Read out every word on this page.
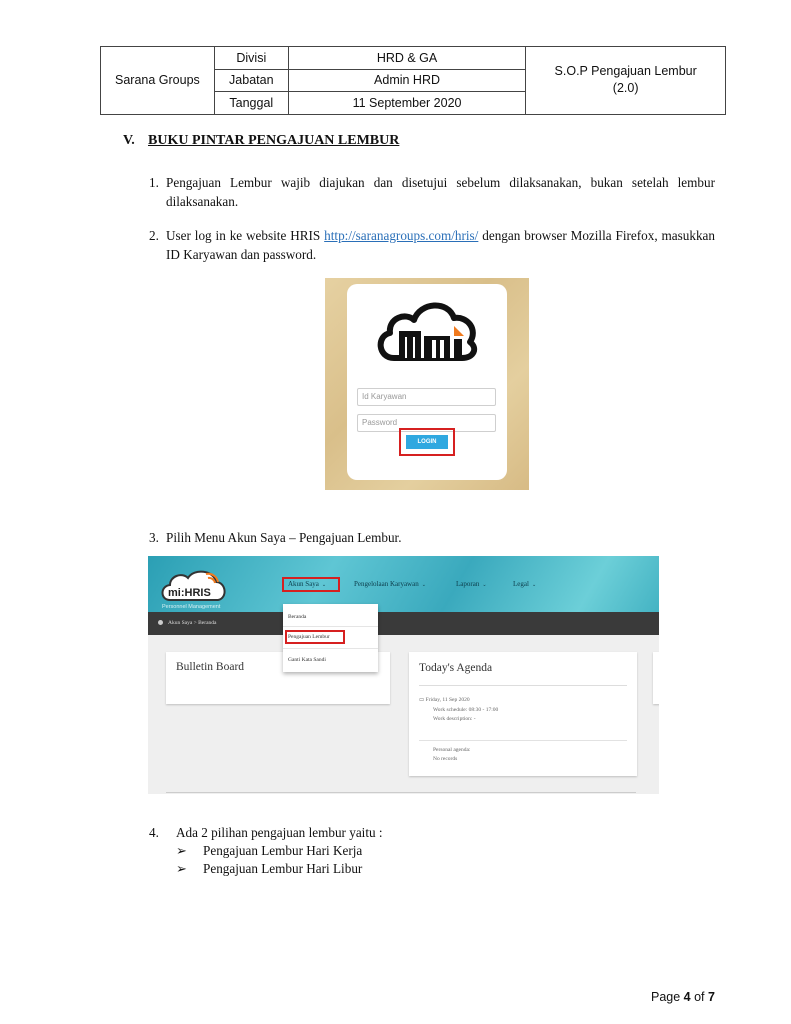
Sarana Groups	Divisi	HRD & GA	S.O.P Pengajuan Lembur
(2.0)
	Jabatan	Admin HRD	
	Tanggal	11 September 2020	
V. BUKU PINTAR PENGAJUAN LEMBUR
1. Pengajuan Lembur wajib diajukan dan disetujui sebelum dilaksanakan, bukan setelah lembur dilaksanakan.
2. User log in ke website HRIS http://saranagroups.com/hris/ dengan browser Mozilla Firefox, masukkan ID Karyawan dan password.
Id Karyawan
Password
LOGIN
3. Pilih Menu Akun Saya – Pengajuan Lembur.
mi:HRIS
Personnel Management
Akun Saya ⌄	Pengelolaan Karyawan ⌄	Laporan ⌄	Legal ⌄
Akun Saya > Beranda
Bulletin Board	Today's Agenda
▭ Friday, 11 Sep 2020
Work schedule: 08:30 - 17:00
Work description: -
Personal agenda:
No records
Beranda
Pengajuan Lembur
Ganti Kata Sandi
4. Ada 2 pilihan pengajuan lembur yaitu :
➢ Pengajuan Lembur Hari Kerja
➢ Pengajuan Lembur Hari Libur
Page 4 of 7
